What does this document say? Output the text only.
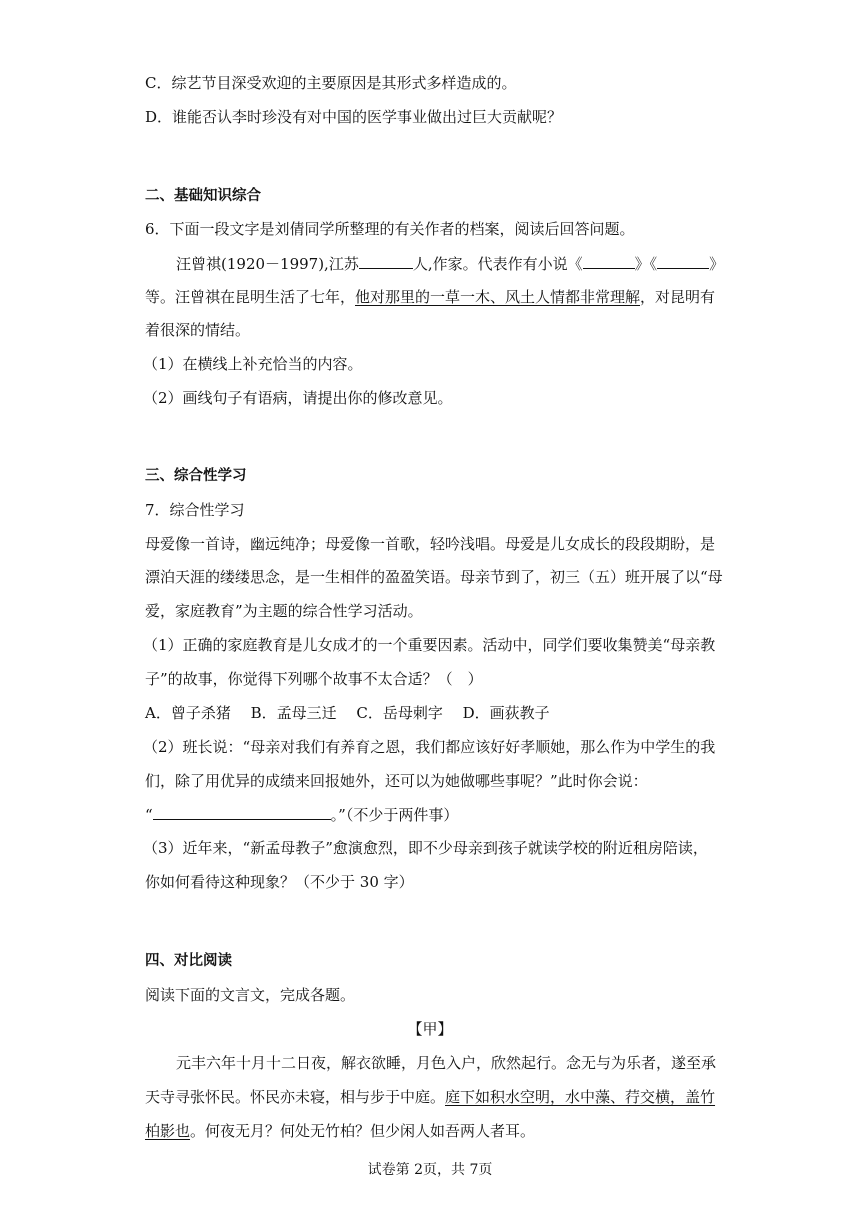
C．综艺节目深受欢迎的主要原因是其形式多样造成的。
D．谁能否认李时珍没有对中国的医学事业做出过巨大贡献呢？
二、基础知识综合
6．下面一段文字是刘倩同学所整理的有关作者的档案，阅读后回答问题。
汪曾祺(1920－1997),江苏	人,作家。代表作有小说《	》《	》
等。汪曾祺在昆明生活了七年，他对那里的一草一木、风土人情都非常理解，对昆明有
着很深的情结。
（1）在横线上补充恰当的内容。
（2）画线句子有语病，请提出你的修改意见。
三、综合性学习
7．综合性学习
母爱像一首诗，幽远纯净；母爱像一首歌，轻吟浅唱。母爱是儿女成长的段段期盼，是
漂泊天涯的缕缕思念，是一生相伴的盈盈笑语。母亲节到了，初三（五）班开展了以“母
爱，家庭教育”为主题的综合性学习活动。
（1）正确的家庭教育是儿女成才的一个重要因素。活动中，同学们要收集赞美“母亲教
子”的故事，你觉得下列哪个故事不太合适？（　）
A．曾子杀猪　 B．孟母三迁　 C．岳母刺字　 D．画荻教子
（2）班长说：“母亲对我们有养育之恩，我们都应该好好孝顺她，那么作为中学生的我
们，除了用优异的成绩来回报她外，还可以为她做哪些事呢？”此时你会说：
“	。”（不少于两件事）
（3）近年来，“新孟母教子”愈演愈烈，即不少母亲到孩子就读学校的附近租房陪读，
你如何看待这种现象？（不少于 30 字）
四、对比阅读
阅读下面的文言文，完成各题。
【甲】
元丰六年十月十二日夜，解衣欲睡，月色入户，欣然起行。念无与为乐者，遂至承
天寺寻张怀民。怀民亦未寝，相与步于中庭。庭下如积水空明，水中藻、荇交横，盖竹
柏影也。何夜无月？何处无竹柏？但少闲人如吾两人者耳。
试卷第 2页，共 7页
